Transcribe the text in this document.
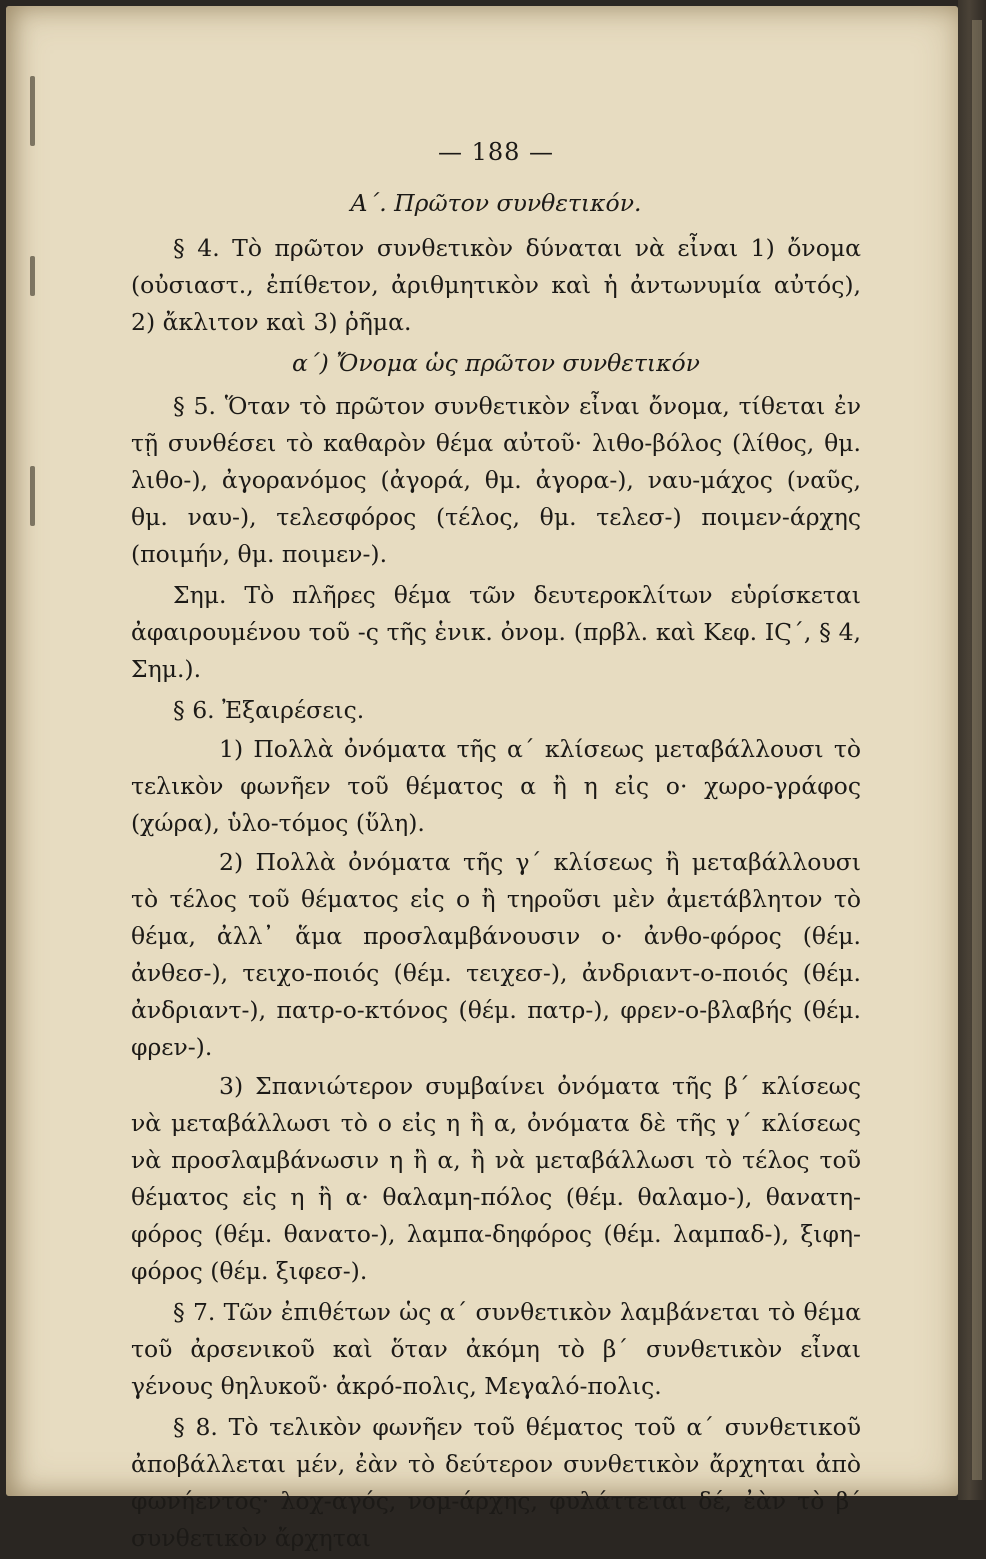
— 188 —
Α΄. Πρῶτον συνθετικόν.

§ 4. Τὸ πρῶτον συνθετικὸν δύναται νὰ εἶναι 1) ὄνομα (οὐσιαστ., ἐπίθετον, ἀριθμητικὸν καὶ ἡ ἀντωνυμία αὐτός), 2) ἄκλιτον καὶ 3) ῥῆμα.

α΄) Ὄνομα ὡς πρῶτον συνθετικόν

§ 5. Ὅταν τὸ πρῶτον συνθετικὸν εἶναι ὄνομα, τίθεται ἐν τῇ συνθέσει τὸ καθαρὸν θέμα αὐτοῦ· λιθο-βόλος (λίθος, θμ. λιθο-), ἀγορανόμος (ἀγορά, θμ. ἀγορα-), ναυ-μάχος (ναῦς, θμ. ναυ-), τελεσφόρος (τέλος, θμ. τελεσ-) ποιμεν-άρχης (ποιμήν, θμ. ποιμεν-).

Σημ. Τὸ πλῆρες θέμα τῶν δευτεροκλίτων εὑρίσκεται ἀφαιρουμένου τοῦ -ς τῆς ἑνικ. ὀνομ. (πρβλ. καὶ Κεφ. ΙϚ΄, § 4, Σημ.).

§ 6. Ἐξαιρέσεις.

1) Πολλὰ ὀνόματα τῆς α΄ κλίσεως μεταβάλλουσι τὸ τελικὸν φωνῆεν τοῦ θέματος α ἢ η εἰς ο· χωρο-γράφος (χώρα), ὑλο-τόμος (ὕλη).

2) Πολλὰ ὀνόματα τῆς γ΄ κλίσεως ἢ μεταβάλλουσι τὸ τέλος τοῦ θέματος εἰς ο ἢ τηροῦσι μὲν ἀμετάβλητον τὸ θέμα, ἀλλ᾽ ἅμα προσλαμβάνουσιν ο· ἀνθο-φόρος (θέμ. ἀνθεσ-), τειχο-ποιός (θέμ. τειχεσ-), ἀνδριαντ-ο-ποιός (θέμ. ἀνδριαντ-), πατρ-ο-κτόνος (θέμ. πατρ-), φρεν-ο-βλαβής (θέμ. φρεν-).

3) Σπανιώτερον συμβαίνει ὀνόματα τῆς β΄ κλίσεως νὰ μεταβάλλωσι τὸ ο εἰς η ἢ α, ὀνόματα δὲ τῆς γ΄ κλίσεως νὰ προσλαμβάνωσιν η ἢ α, ἢ νὰ μεταβάλλωσι τὸ τέλος τοῦ θέματος εἰς η ἢ α· θαλαμη-πόλος (θέμ. θαλαμο-), θανατη-φόρος (θέμ. θανατο-), λαμπα-δηφόρος (θέμ. λαμπαδ-), ξιφη-φόρος (θέμ. ξιφεσ-).

§ 7. Τῶν ἐπιθέτων ὡς α΄ συνθετικὸν λαμβάνεται τὸ θέμα τοῦ ἀρσενικοῦ καὶ ὅταν ἀκόμη τὸ β΄ συνθετικὸν εἶναι γένους θηλυκοῦ· ἀκρό-πολις, Μεγαλό-πολις.

§ 8. Τὸ τελικὸν φωνῆεν τοῦ θέματος τοῦ α΄ συνθετικοῦ ἀποβάλλεται μέν, ἐὰν τὸ δεύτερον συνθετικὸν ἄρχηται ἀπὸ φωνήεντος· λοχ-αγός, νομ-άρχης, φυλάττεται δέ, ἐὰν τὸ β΄ συνθετικὸν ἄρχηται
